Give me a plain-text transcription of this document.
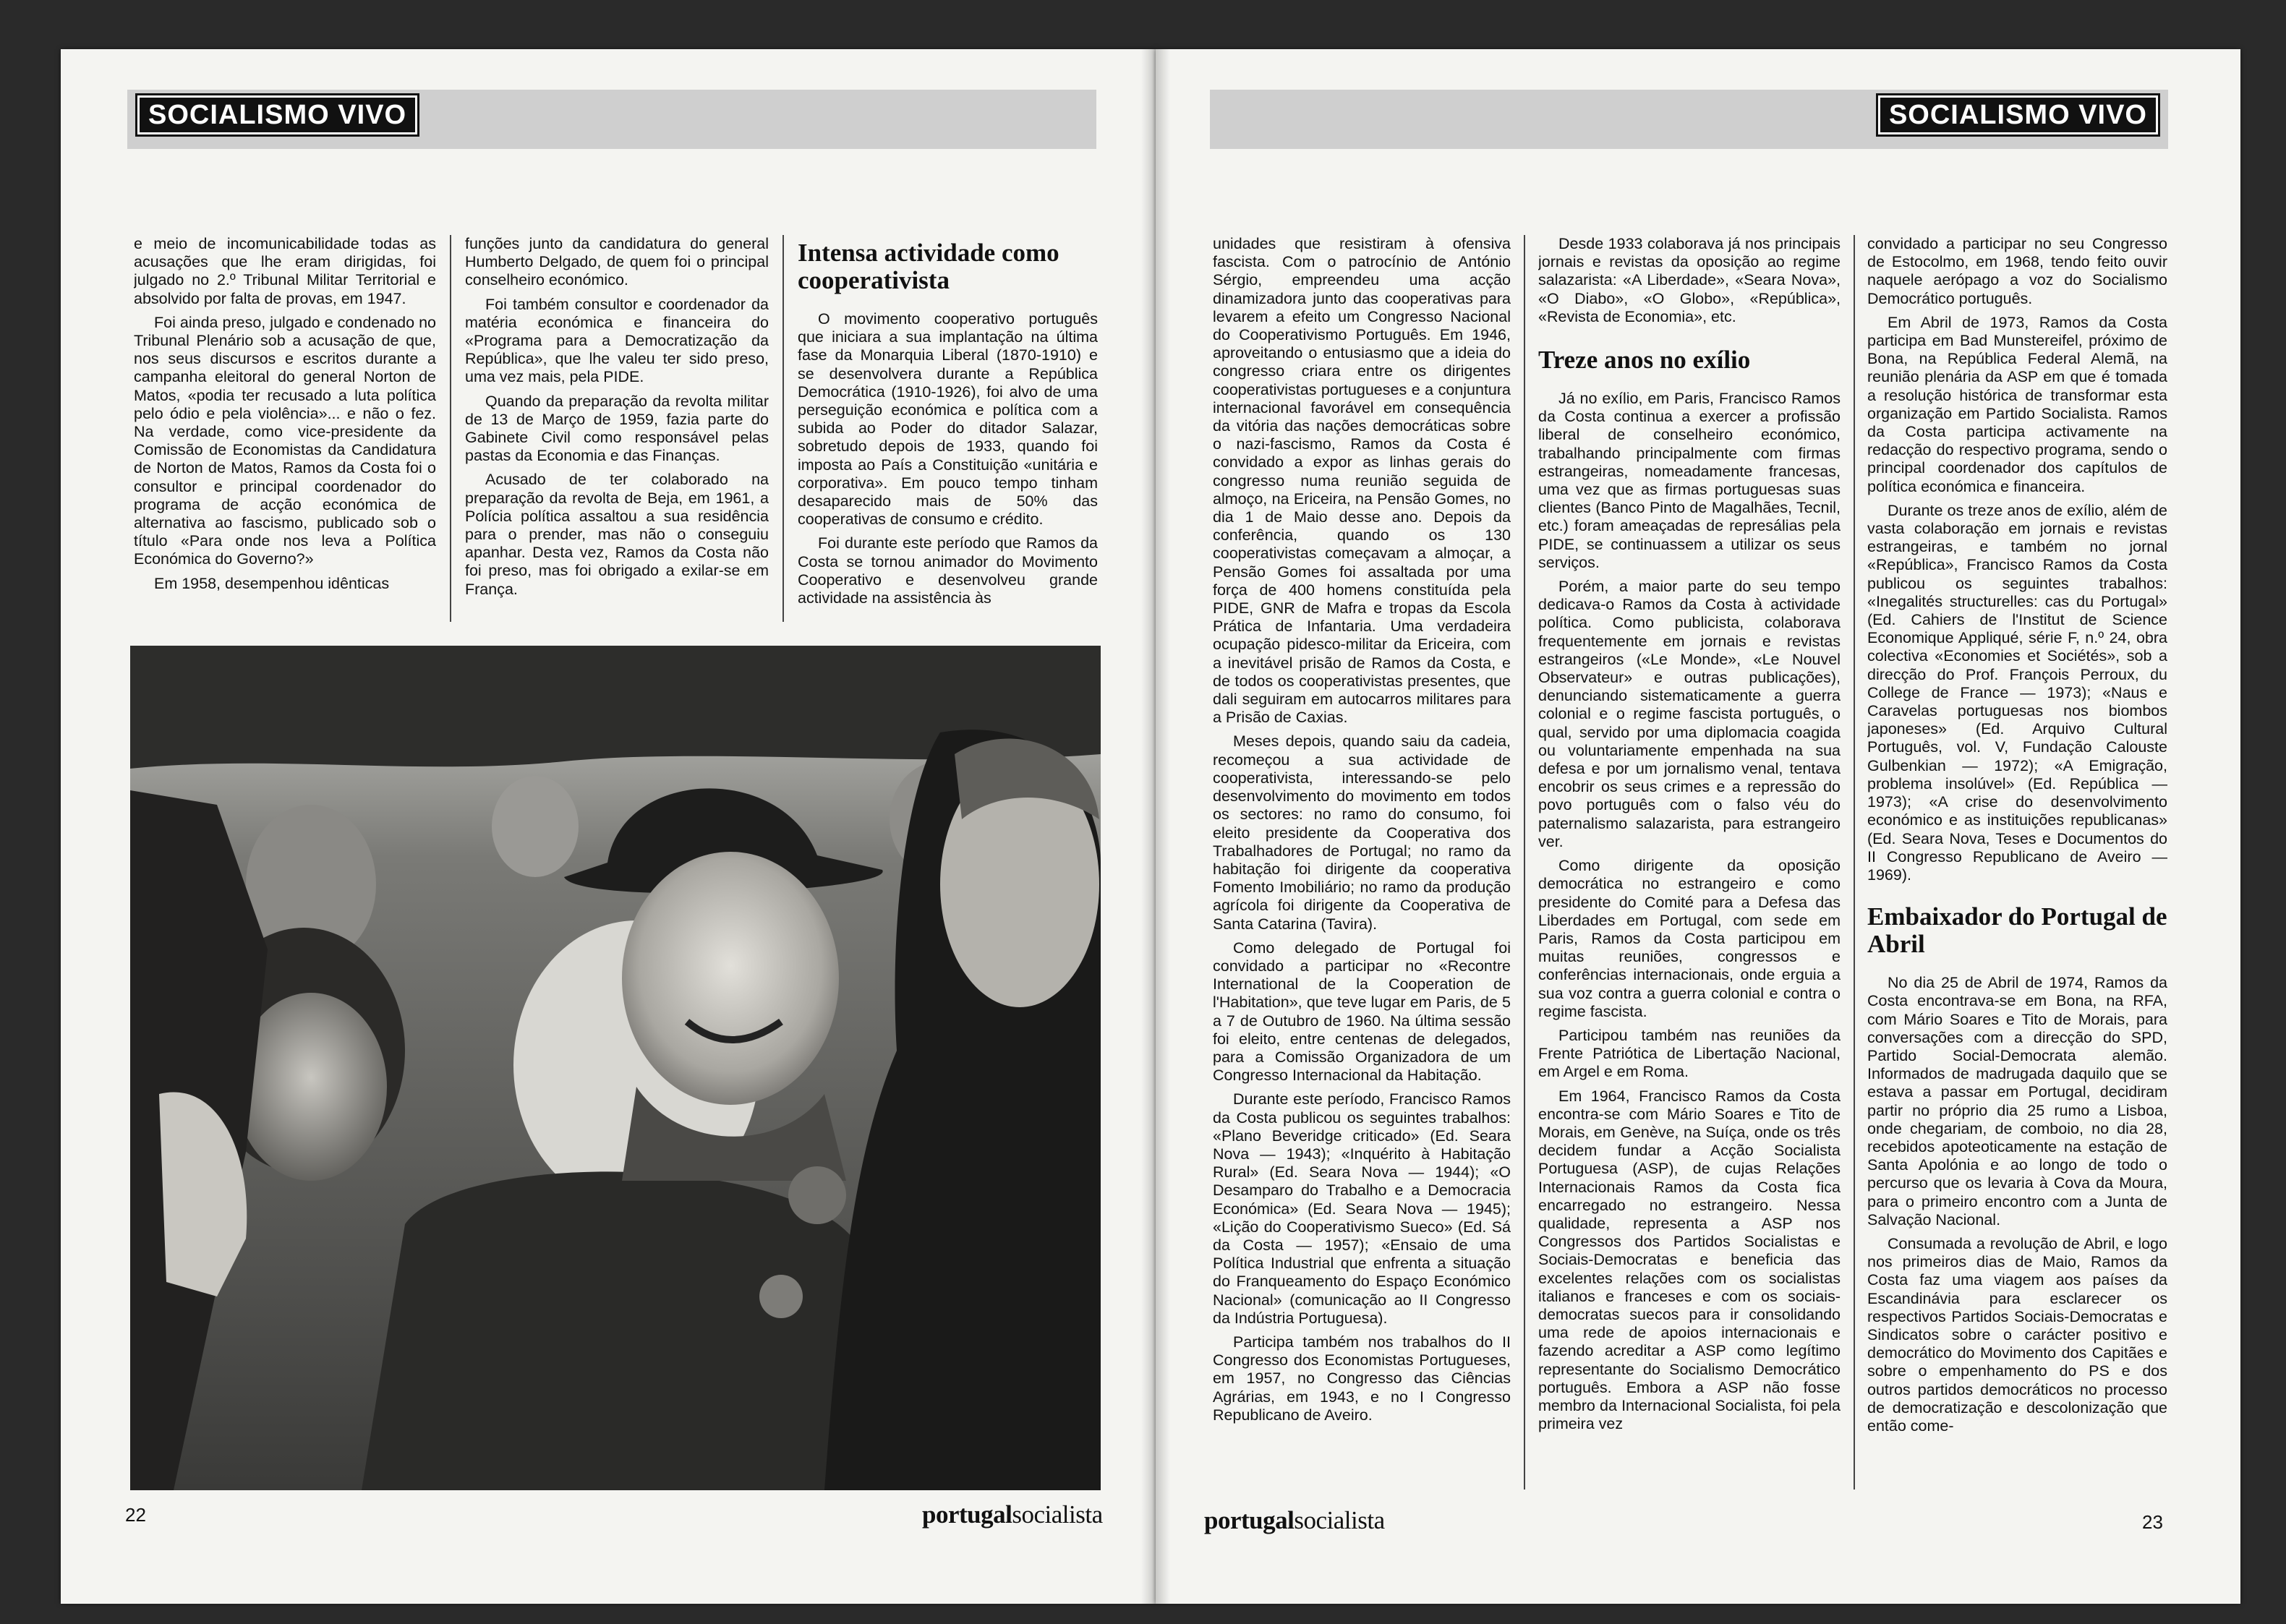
SOCIALISMO VIVO	SOCIALISMO VIVO

e meio de incomunicabilidade todas as acusações que lhe eram dirigidas, foi julgado no 2.º Tribunal Militar Territorial e absolvido por falta de provas, em 1947.

Foi ainda preso, julgado e condenado no Tribunal Plenário sob a acusação de que, nos seus discursos e escritos durante a campanha eleitoral do general Norton de Matos, «podia ter recusado a luta política pelo ódio e pela violência»... e não o fez. Na verdade, como vice-presidente da Comissão de Economistas da Candidatura de Norton de Matos, Ramos da Costa foi o consultor e principal coordenador do programa de acção económica de alternativa ao fascismo, publicado sob o título «Para onde nos leva a Política Económica do Governo?»

Em 1958, desempenhou idênticas

funções junto da candidatura do general Humberto Delgado, de quem foi o principal conselheiro económico.

Foi também consultor e coordenador da matéria económica e financeira do «Programa para a Democratização da República», que lhe valeu ter sido preso, uma vez mais, pela PIDE.

Quando da preparação da revolta militar de 13 de Março de 1959, fazia parte do Gabinete Civil como responsável pelas pastas da Economia e das Finanças.

Acusado de ter colaborado na preparação da revolta de Beja, em 1961, a Polícia política assaltou a sua residência para o prender, mas não o conseguiu apanhar. Desta vez, Ramos da Costa não foi preso, mas foi obrigado a exilar-se em França.

Intensa actividade como cooperativista

O movimento cooperativo português que iniciara a sua implantação na última fase da Monarquia Liberal (1870-1910) e se desenvolvera durante a República Democrática (1910-1926), foi alvo de uma perseguição económica e política com a subida ao Poder do ditador Salazar, sobretudo depois de 1933, quando foi imposta ao País a Constituição «unitária e corporativa». Em pouco tempo tinham desaparecido mais de 50% das cooperativas de consumo e crédito.

Foi durante este período que Ramos da Costa se tornou animador do Movimento Cooperativo e desenvolveu grande actividade na assistência às

22	portugalsocialista

unidades que resistiram à ofensiva fascista. Com o patrocínio de António Sérgio, empreendeu uma acção dinamizadora junto das cooperativas para levarem a efeito um Congresso Nacional do Cooperativismo Português. Em 1946, aproveitando o entusiasmo que a ideia do congresso criara entre os dirigentes cooperativistas portugueses e a conjuntura internacional favorável em consequência da vitória das nações democráticas sobre o nazi-fascismo, Ramos da Costa é convidado a expor as linhas gerais do congresso numa reunião seguida de almoço, na Ericeira, na Pensão Gomes, no dia 1 de Maio desse ano. Depois da conferência, quando os 130 cooperativistas começavam a almoçar, a Pensão Gomes foi assaltada por uma força de 400 homens constituída pela PIDE, GNR de Mafra e tropas da Escola Prática de Infantaria. Uma verdadeira ocupação pidesco-militar da Ericeira, com a inevitável prisão de Ramos da Costa, e de todos os cooperativistas presentes, que dali seguiram em autocarros militares para a Prisão de Caxias.

Meses depois, quando saiu da cadeia, recomeçou a sua actividade de cooperativista, interessando-se pelo desenvolvimento do movimento em todos os sectores: no ramo do consumo, foi eleito presidente da Cooperativa dos Trabalhadores de Portugal; no ramo da habitação foi dirigente da cooperativa Fomento Imobiliário; no ramo da produção agrícola foi dirigente da Cooperativa de Santa Catarina (Tavira).

Como delegado de Portugal foi convidado a participar no «Recontre International de la Cooperation de l'Habitation», que teve lugar em Paris, de 5 a 7 de Outubro de 1960. Na última sessão foi eleito, entre centenas de delegados, para a Comissão Organizadora de um Congresso Internacional da Habitação.

Durante este período, Francisco Ramos da Costa publicou os seguintes trabalhos: «Plano Beveridge criticado» (Ed. Seara Nova — 1943); «Inquérito à Habitação Rural» (Ed. Seara Nova — 1944); «O Desamparo do Trabalho e a Democracia Económica» (Ed. Seara Nova — 1945); «Lição do Cooperativismo Sueco» (Ed. Sá da Costa — 1957); «Ensaio de uma Política Industrial que enfrenta a situação do Franqueamento do Espaço Económico Nacional» (comunicação ao II Congresso da Indústria Portuguesa).

Participa também nos trabalhos do II Congresso dos Economistas Portugueses, em 1957, no Congresso das Ciências Agrárias, em 1943, e no I Congresso Republicano de Aveiro.

Desde 1933 colaborava já nos principais jornais e revistas da oposição ao regime salazarista: «A Liberdade», «Seara Nova», «O Diabo», «O Globo», «República», «Revista de Economia», etc.

Treze anos no exílio

Já no exílio, em Paris, Francisco Ramos da Costa continua a exercer a profissão liberal de conselheiro económico, trabalhando principalmente com firmas estrangeiras, nomeadamente francesas, uma vez que as firmas portuguesas suas clientes (Banco Pinto de Magalhães, Tecnil, etc.) foram ameaçadas de represálias pela PIDE, se continuassem a utilizar os seus serviços.

Porém, a maior parte do seu tempo dedicava-o Ramos da Costa à actividade política. Como publicista, colaborava frequentemente em jornais e revistas estrangeiros («Le Monde», «Le Nouvel Observateur» e outras publicações), denunciando sistematicamente a guerra colonial e o regime fascista português, o qual, servido por uma diplomacia coagida ou voluntariamente empenhada na sua defesa e por um jornalismo venal, tentava encobrir os seus crimes e a repressão do povo português com o falso véu do paternalismo salazarista, para estrangeiro ver.

Como dirigente da oposição democrática no estrangeiro e como presidente do Comité para a Defesa das Liberdades em Portugal, com sede em Paris, Ramos da Costa participou em muitas reuniões, congressos e conferências internacionais, onde erguia a sua voz contra a guerra colonial e contra o regime fascista.

Participou também nas reuniões da Frente Patriótica de Libertação Nacional, em Argel e em Roma.

Em 1964, Francisco Ramos da Costa encontra-se com Mário Soares e Tito de Morais, em Genève, na Suíça, onde os três decidem fundar a Acção Socialista Portuguesa (ASP), de cujas Relações Internacionais Ramos da Costa fica encarregado no estrangeiro. Nessa qualidade, representa a ASP nos Congressos dos Partidos Socialistas e Sociais-Democratas e beneficia das excelentes relações com os socialistas italianos e franceses e com os sociais-democratas suecos para ir consolidando uma rede de apoios internacionais e fazendo acreditar a ASP como legítimo representante do Socialismo Democrático português. Embora a ASP não fosse membro da Internacional Socialista, foi pela primeira vez

convidado a participar no seu Congresso de Estocolmo, em 1968, tendo feito ouvir naquele aerópago a voz do Socialismo Democrático português.

Em Abril de 1973, Ramos da Costa participa em Bad Munstereifel, próximo de Bona, na República Federal Alemã, na reunião plenária da ASP em que é tomada a resolução histórica de transformar esta organização em Partido Socialista. Ramos da Costa participa activamente na redacção do respectivo programa, sendo o principal coordenador dos capítulos de política económica e financeira.

Durante os treze anos de exílio, além de vasta colaboração em jornais e revistas estrangeiras, e também no jornal «República», Francisco Ramos da Costa publicou os seguintes trabalhos: «Inegalités structurelles: cas du Portugal» (Ed. Cahiers de l'Institut de Science Economique Appliqué, série F, n.º 24, obra colectiva «Economies et Sociétés», sob a direcção do Prof. François Perroux, du College de France — 1973); «Naus e Caravelas portuguesas nos biombos japoneses» (Ed. Arquivo Cultural Português, vol. V, Fundação Calouste Gulbenkian — 1972); «A Emigração, problema insolúvel» (Ed. República — 1973); «A crise do desenvolvimento económico e as instituições republicanas» (Ed. Seara Nova, Teses e Documentos do II Congresso Republicano de Aveiro — 1969).

Embaixador do Portugal de Abril

No dia 25 de Abril de 1974, Ramos da Costa encontrava-se em Bona, na RFA, com Mário Soares e Tito de Morais, para conversações com a direcção do SPD, Partido Social-Democrata alemão. Informados de madrugada daquilo que se estava a passar em Portugal, decidiram partir no próprio dia 25 rumo a Lisboa, onde chegariam, de comboio, no dia 28, recebidos apoteoticamente na estação de Santa Apolónia e ao longo de todo o percurso que os levaria à Cova da Moura, para o primeiro encontro com a Junta de Salvação Nacional.

Consumada a revolução de Abril, e logo nos primeiros dias de Maio, Ramos da Costa faz uma viagem aos países da Escandinávia para esclarecer os respectivos Partidos Sociais-Democratas e Sindicatos sobre o carácter positivo e democrático do Movimento dos Capitães e sobre o empenhamento do PS e dos outros partidos democráticos no processo de democratização e descolonização que então come-

portugalsocialista	23
